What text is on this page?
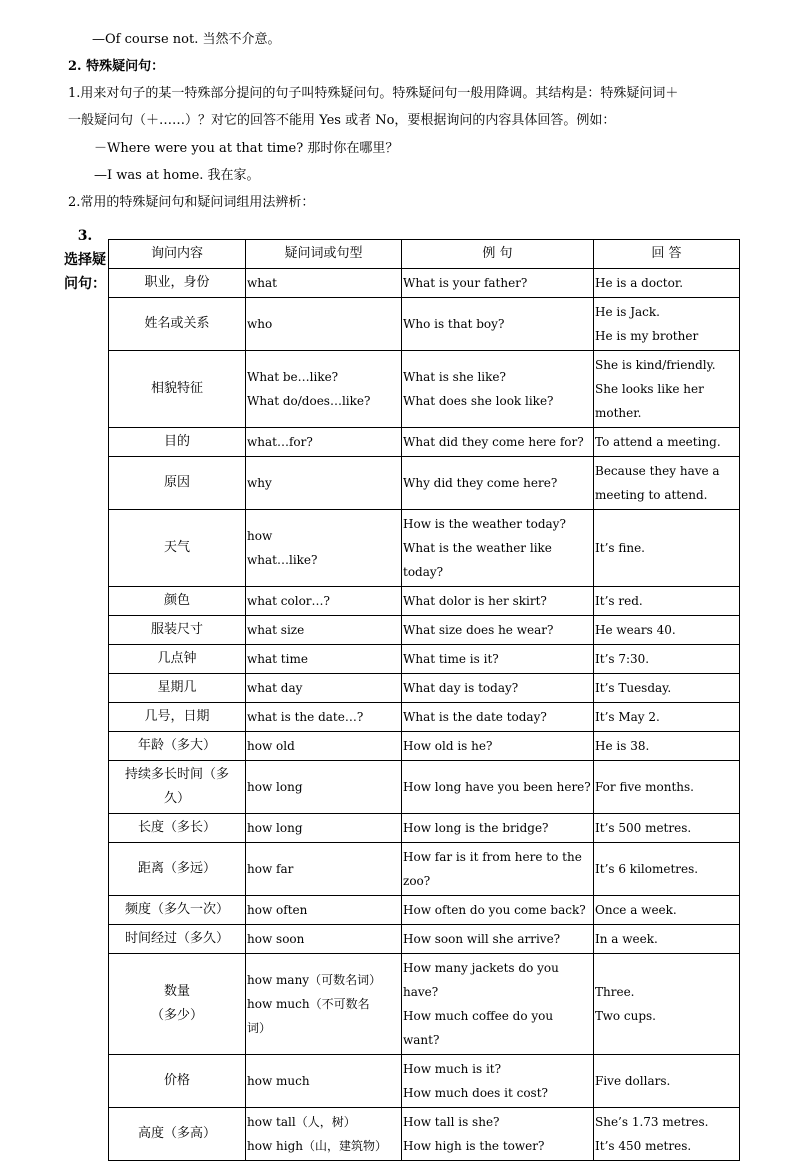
—Of course not. 当然不介意。
2. 特殊疑问句：
1.用来对句子的某一特殊部分提问的句子叫特殊疑问句。特殊疑问句一般用降调。其结构是：特殊疑问词＋
一般疑问句（＋……）？对它的回答不能用 Yes 或者 No，要根据询问的内容具体回答。例如：
－Where were you at that time? 那时你在哪里？
—I was at home. 我在家。
2.常用的特殊疑问句和疑问词组用法辨析：
3.
选择疑问句：
询问内容	疑问词或句型	例 句	回 答

职业，身份	what	What is your father?	He is a doctor.

姓名或关系	who	Who is that boy?	He is Jack.
He is my brother

相貌特征	What be…like?
What do/does…like?	What is she like?
What does she look like?	She is kind/friendly.
She looks like her
mother.

目的	what…for?	What did they come here for?	To attend a meeting.

原因	why	Why did they come here?	Because they have a
meeting to attend.

天气	how
what…like?	How is the weather today?
What is the weather like today?	It’s fine.

颜色	what color…?	What dolor is her skirt?	It’s red.

服装尺寸	what size	What size does he wear?	He wears 40.

几点钟	what time	What time is it?	It’s 7:30.

星期几	what day	What day is today?	It’s Tuesday.

几号，日期	what is the date…?	What is the date today?	It’s May 2.

年龄（多大）	how old	How old is he?	He is 38.

持续多长时间（多
久）	how long	How long have you been here?	For five months.

长度（多长）	how long	How long is the bridge?	It’s 500 metres.

距离（多远）	how far	How far is it from here to the
zoo?	It’s 6 kilometres.

频度（多久一次）	how often	How often do you come back?	Once a week.

时间经过（多久）	how soon	How soon will she arrive?	In a week.

数量
（多少）	how many（可数名词）
how much（不可数名
词）	How many jackets do you have?
How much coffee do you want?	Three.
Two cups.

价格	how much	How much is it?
How much does it cost?	Five dollars.

高度（多高）	how tall（人，树）
how high（山，建筑物）	How tall is she?
How high is the tower?	She’s 1.73 metres.
It’s 450 metres.
